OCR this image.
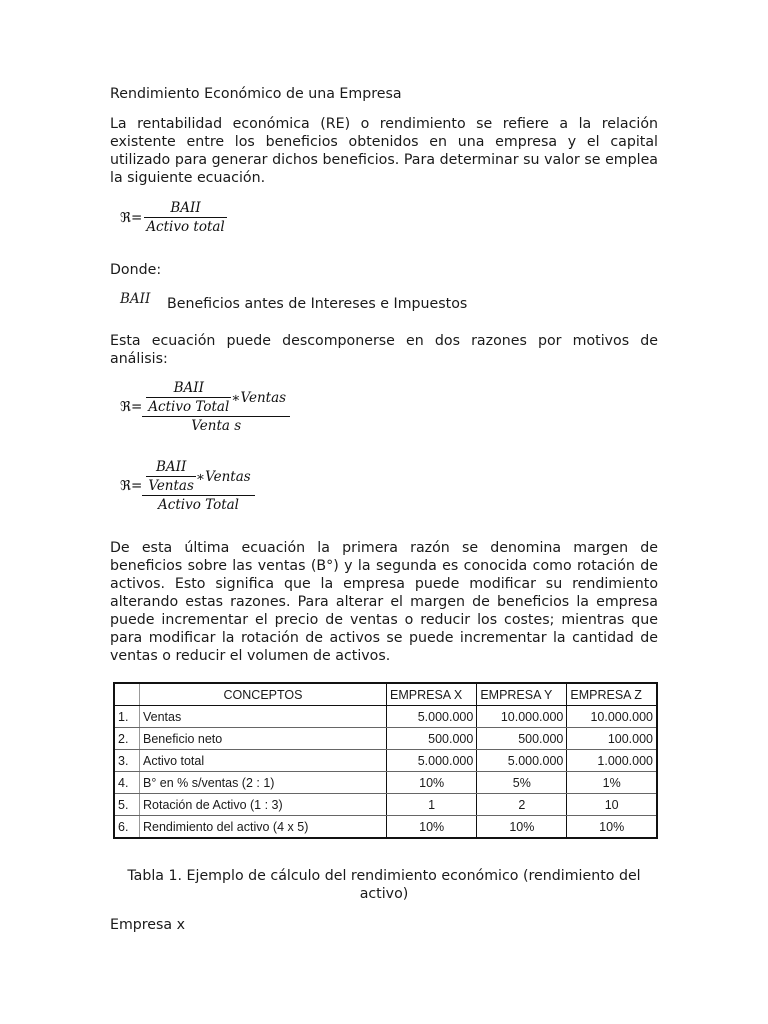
Rendimiento Económico de una Empresa
La rentabilidad económica (RE) o rendimiento se refiere a la relación existente entre los beneficios obtenidos en una empresa y el capital utilizado para generar dichos beneficios. Para determinar su valor se emplea la siguiente ecuación.
ℜ= $\frac{\text{BAII}}{\text{Activo total}}$
Donde:
BAII Beneficios antes de Intereses e Impuestos
Esta ecuación puede descomponerse en dos razones por motivos de análisis:
ℜ= $\frac{\frac{\text{BAII}}{\text{Activo Total}} ∗Ventas}{\text{Venta s}}$
ℜ= $\frac{\frac{\text{BAII}}{\text{Ventas}} ∗Ventas}{\text{Activo Total}}$
De esta última ecuación la primera razón se denomina margen de beneficios sobre las ventas (B°) y la segunda es conocida como rotación de activos. Esto significa que la empresa puede modificar su rendimiento alterando estas razones. Para alterar el margen de beneficios la empresa puede incrementar el precio de ventas o reducir los costes; mientras que para modificar la rotación de activos se puede incrementar la cantidad de ventas o reducir el volumen de activos.
	CONCEPTOS	EMPRESA X	EMPRESA Y	EMPRESA Z
1.	Ventas	5.000.000	10.000.000	10.000.000
2.	Beneficio neto	500.000	500.000	100.000
3.	Activo total	5.000.000	5.000.000	1.000.000
4.	B° en % s/ventas (2 : 1)	10%	5%	1%
5.	Rotación de Activo (1 : 3)	1	2	10
6.	Rendimiento del activo (4 x 5)	10%	10%	10%
Tabla 1. Ejemplo de cálculo del rendimiento económico (rendimiento del activo)
Empresa x
